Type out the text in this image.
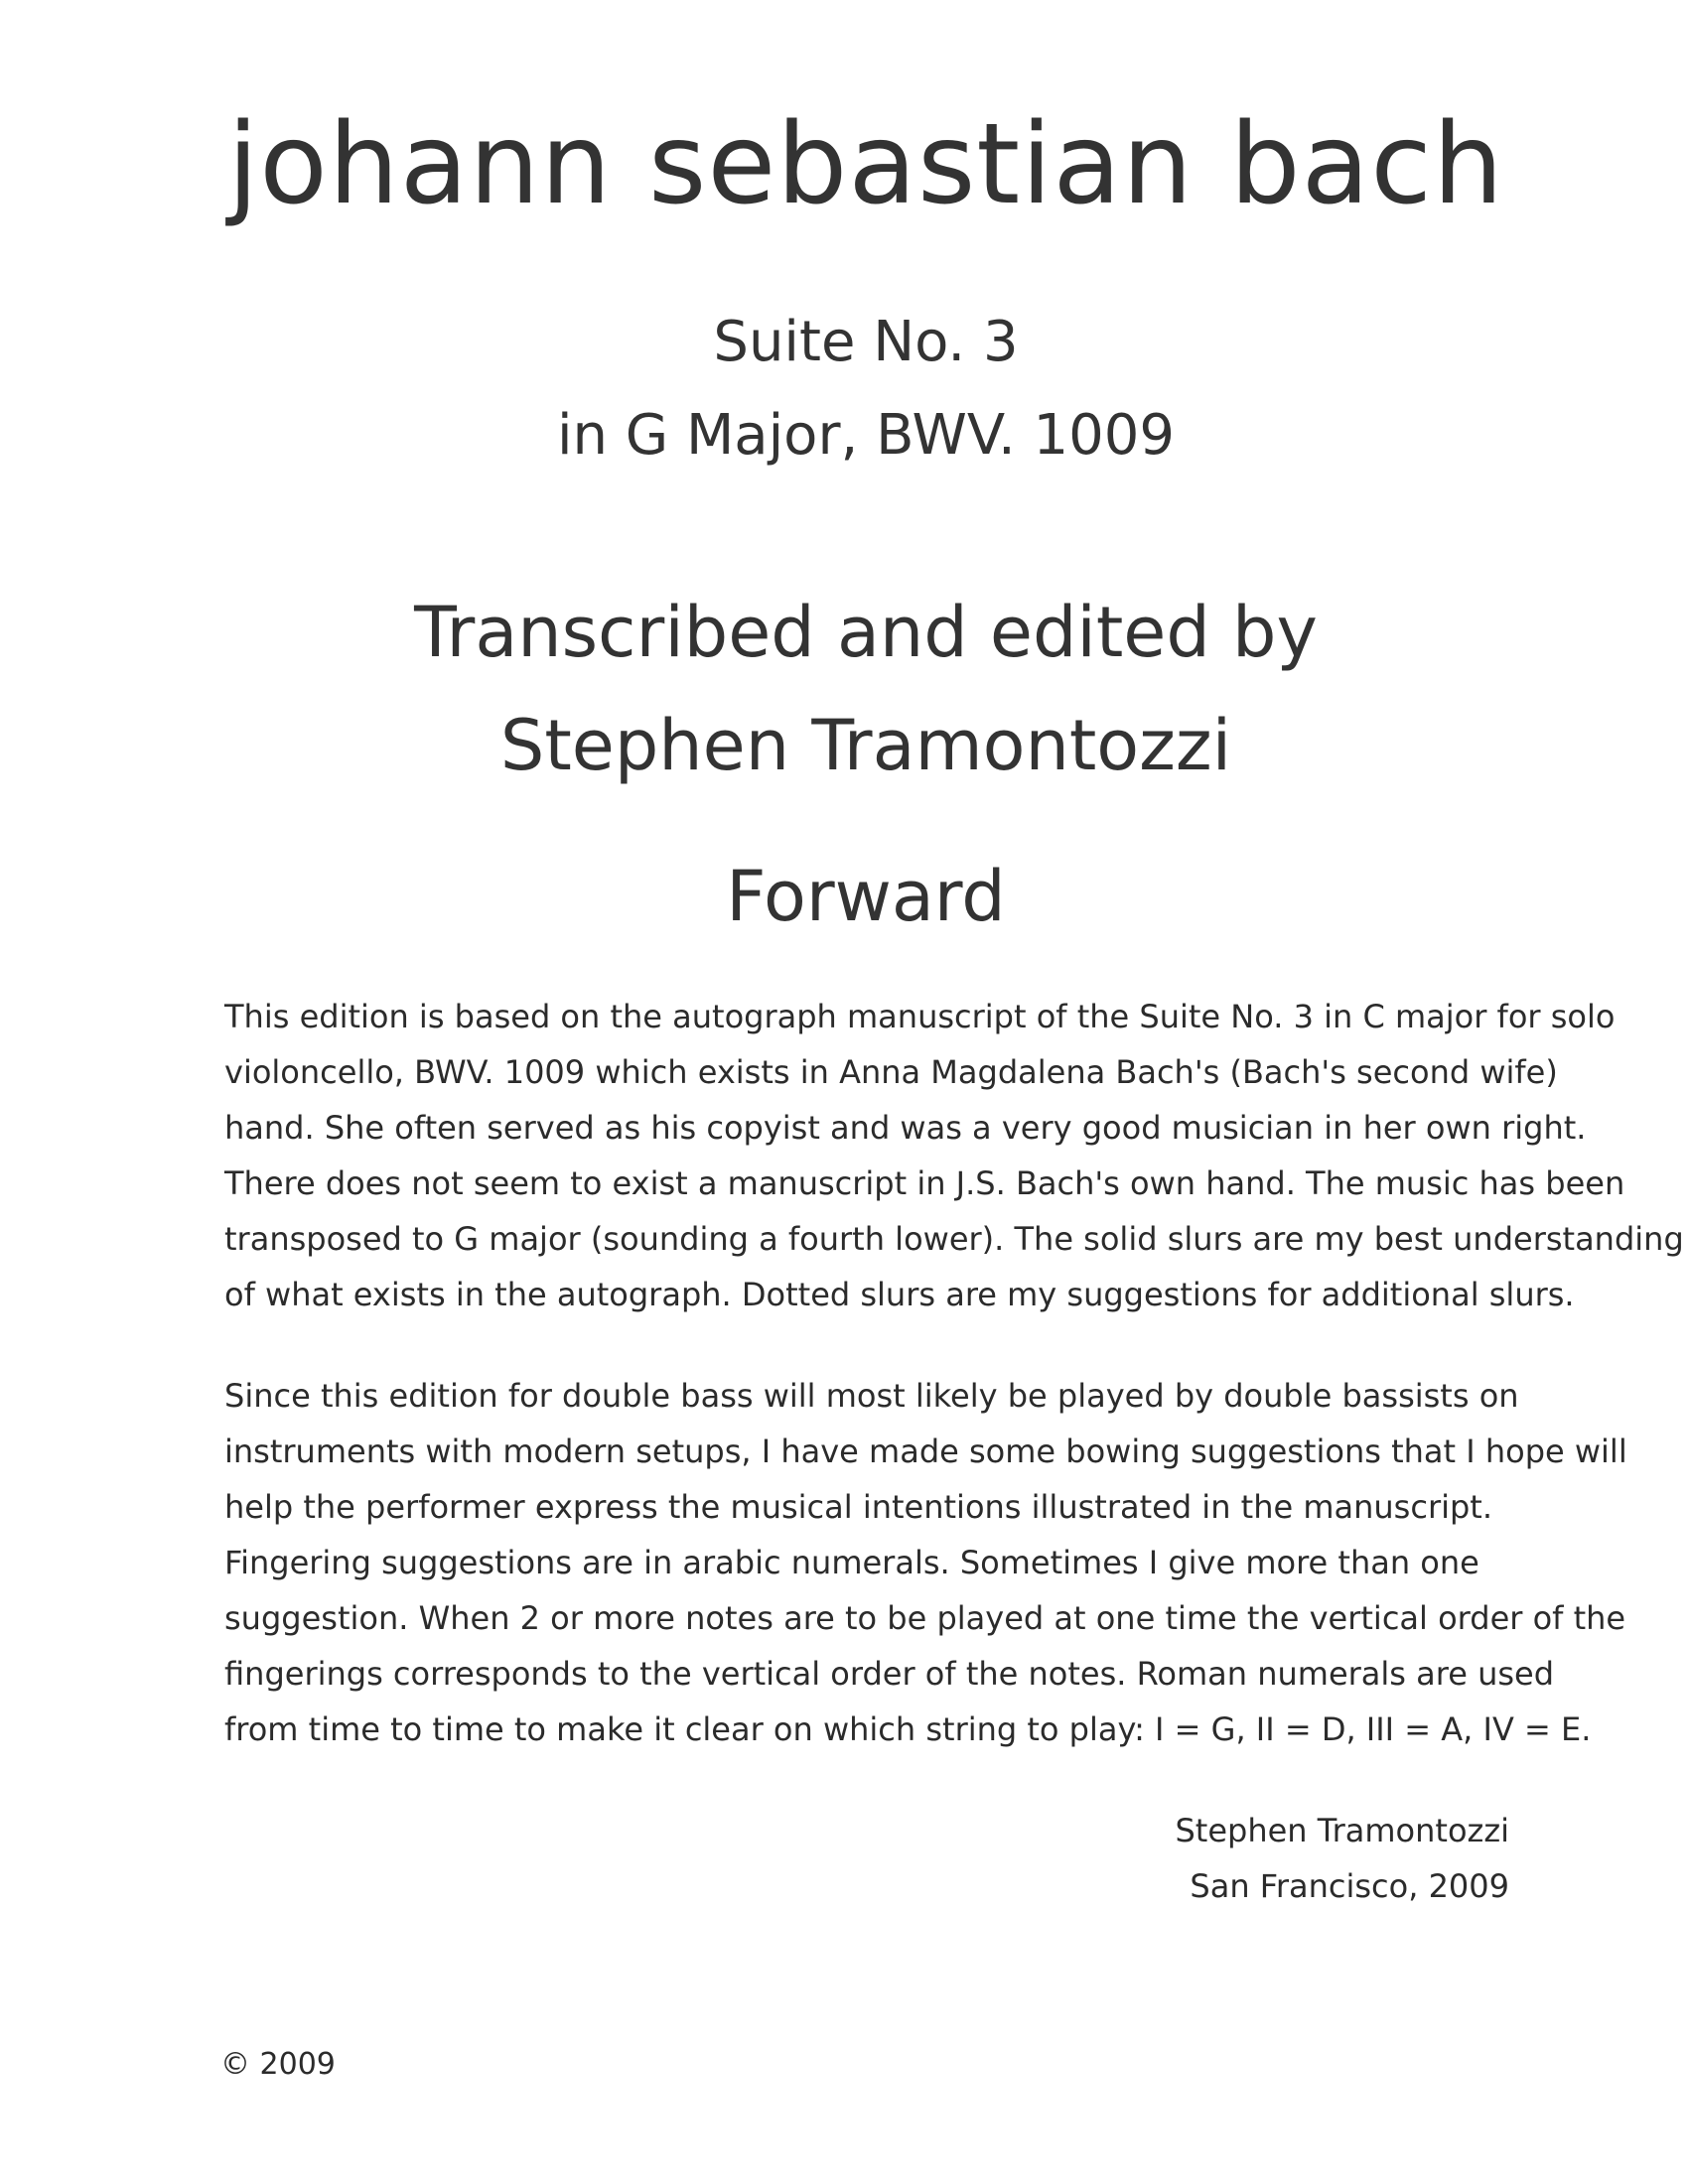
johann sebastian bach
Suite No. 3
in G Major, BWV. 1009
Transcribed and edited by
Stephen Tramontozzi
Forward
This edition is based on the autograph manuscript of the Suite No. 3 in C major for solo
violoncello, BWV. 1009 which exists in Anna Magdalena Bach's (Bach's second wife)
hand. She often served as his copyist and was a very good musician in her own right.
There does not seem to exist a manuscript in J.S. Bach's own hand. The music has been
transposed to G major (sounding a fourth lower). The solid slurs are my best understanding
of what exists in the autograph. Dotted slurs are my suggestions for additional slurs.
Since this edition for double bass will most likely be played by double bassists on
instruments with modern setups, I have made some bowing suggestions that I hope will
help the performer express the musical intentions illustrated in the manuscript.
Fingering suggestions are in arabic numerals. Sometimes I give more than one
suggestion. When 2 or more notes are to be played at one time the vertical order of the
fingerings corresponds to the vertical order of the notes. Roman numerals are used
from time to time to make it clear on which string to play: I = G, II = D, III = A, IV = E.
Stephen Tramontozzi
San Francisco, 2009
© 2009
